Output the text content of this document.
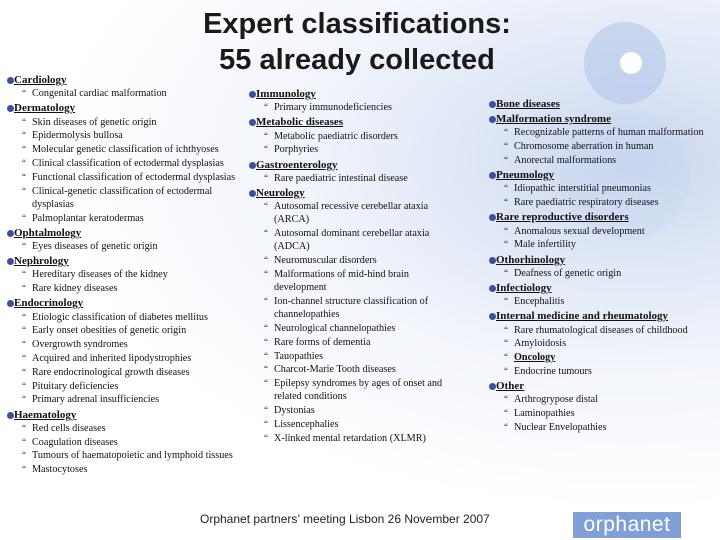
Expert classifications:
55 already collected
Cardiology
“ Congenital cardiac malformation
Dermatology
“ Skin diseases of genetic origin
“ Epidermolysis bullosa
“ Molecular genetic classification of ichthyoses
“ Clinical classification of ectodermal dysplasias
“ Functional classification of ectodermal dysplasias
“ Clinical-genetic classification of ectodermal dysplasias
“ Palmoplantar keratodermas
Ophtalmology
“ Eyes diseases of genetic origin
Nephrology
“ Hereditary diseases of the kidney
“ Rare kidney diseases
Endocrinology
“ Etiologic classification of diabetes mellitus
“ Early onset obesities of genetic origin
“ Overgrowth syndromes
“ Acquired and inherited lipodystrophies
“ Rare endocrinological growth diseases
“ Pituitary deficiencies
“ Primary adrenal insufficiencies
Haematology
“ Red cells diseases
“ Coagulation diseases
“ Tumours of haematopoietic and lymphoid tissues
“ Mastocytoses
Immunology
“ Primary immunodeficiencies
Metabolic diseases
“ Metabolic paediatric disorders
“ Porphyries
Gastroenterology
“ Rare paediatric intestinal disease
Neurology
“ Autosomal recessive cerebellar ataxia (ARCA)
“ Autosomal dominant cerebellar ataxia (ADCA)
“ Neuromuscular disorders
“ Malformations of mid-hind brain development
“ Ion-channel structure classification of channelopathies
“ Neurological channelopathies
“ Rare forms of dementia
“ Tauopathies
“ Charcot-Marie Tooth diseases
“ Epilepsy syndromes by ages of onset and related conditions
“ Dystonias
“ Lissencephalies
“ X-linked mental retardation (XLMR)
Bone diseases
Malformation syndrome
“ Recognizable patterns of human malformation
“ Chromosome aberration in human
“ Anorectal malformations
Pneumology
“ Idiopathic interstitial pneumonias
“ Rare paediatric respiratory diseases
Rare reproductive disorders
“ Anomalous sexual development
“ Male infertility
Othorhinology
“ Deafness of genetic origin
Infectiology
“ Encephalitis
Internal medicine and rheumatology
“ Rare rhumatological diseases of childhood
“ Amyloidosis
“ Oncology
“ Endocrine tumours
Other
“ Arthrogrypose distal
“ Laminopathies
“ Nuclear Envelopathies
Orphanet partners’ meeting Lisbon 26 November 2007	orphanet
